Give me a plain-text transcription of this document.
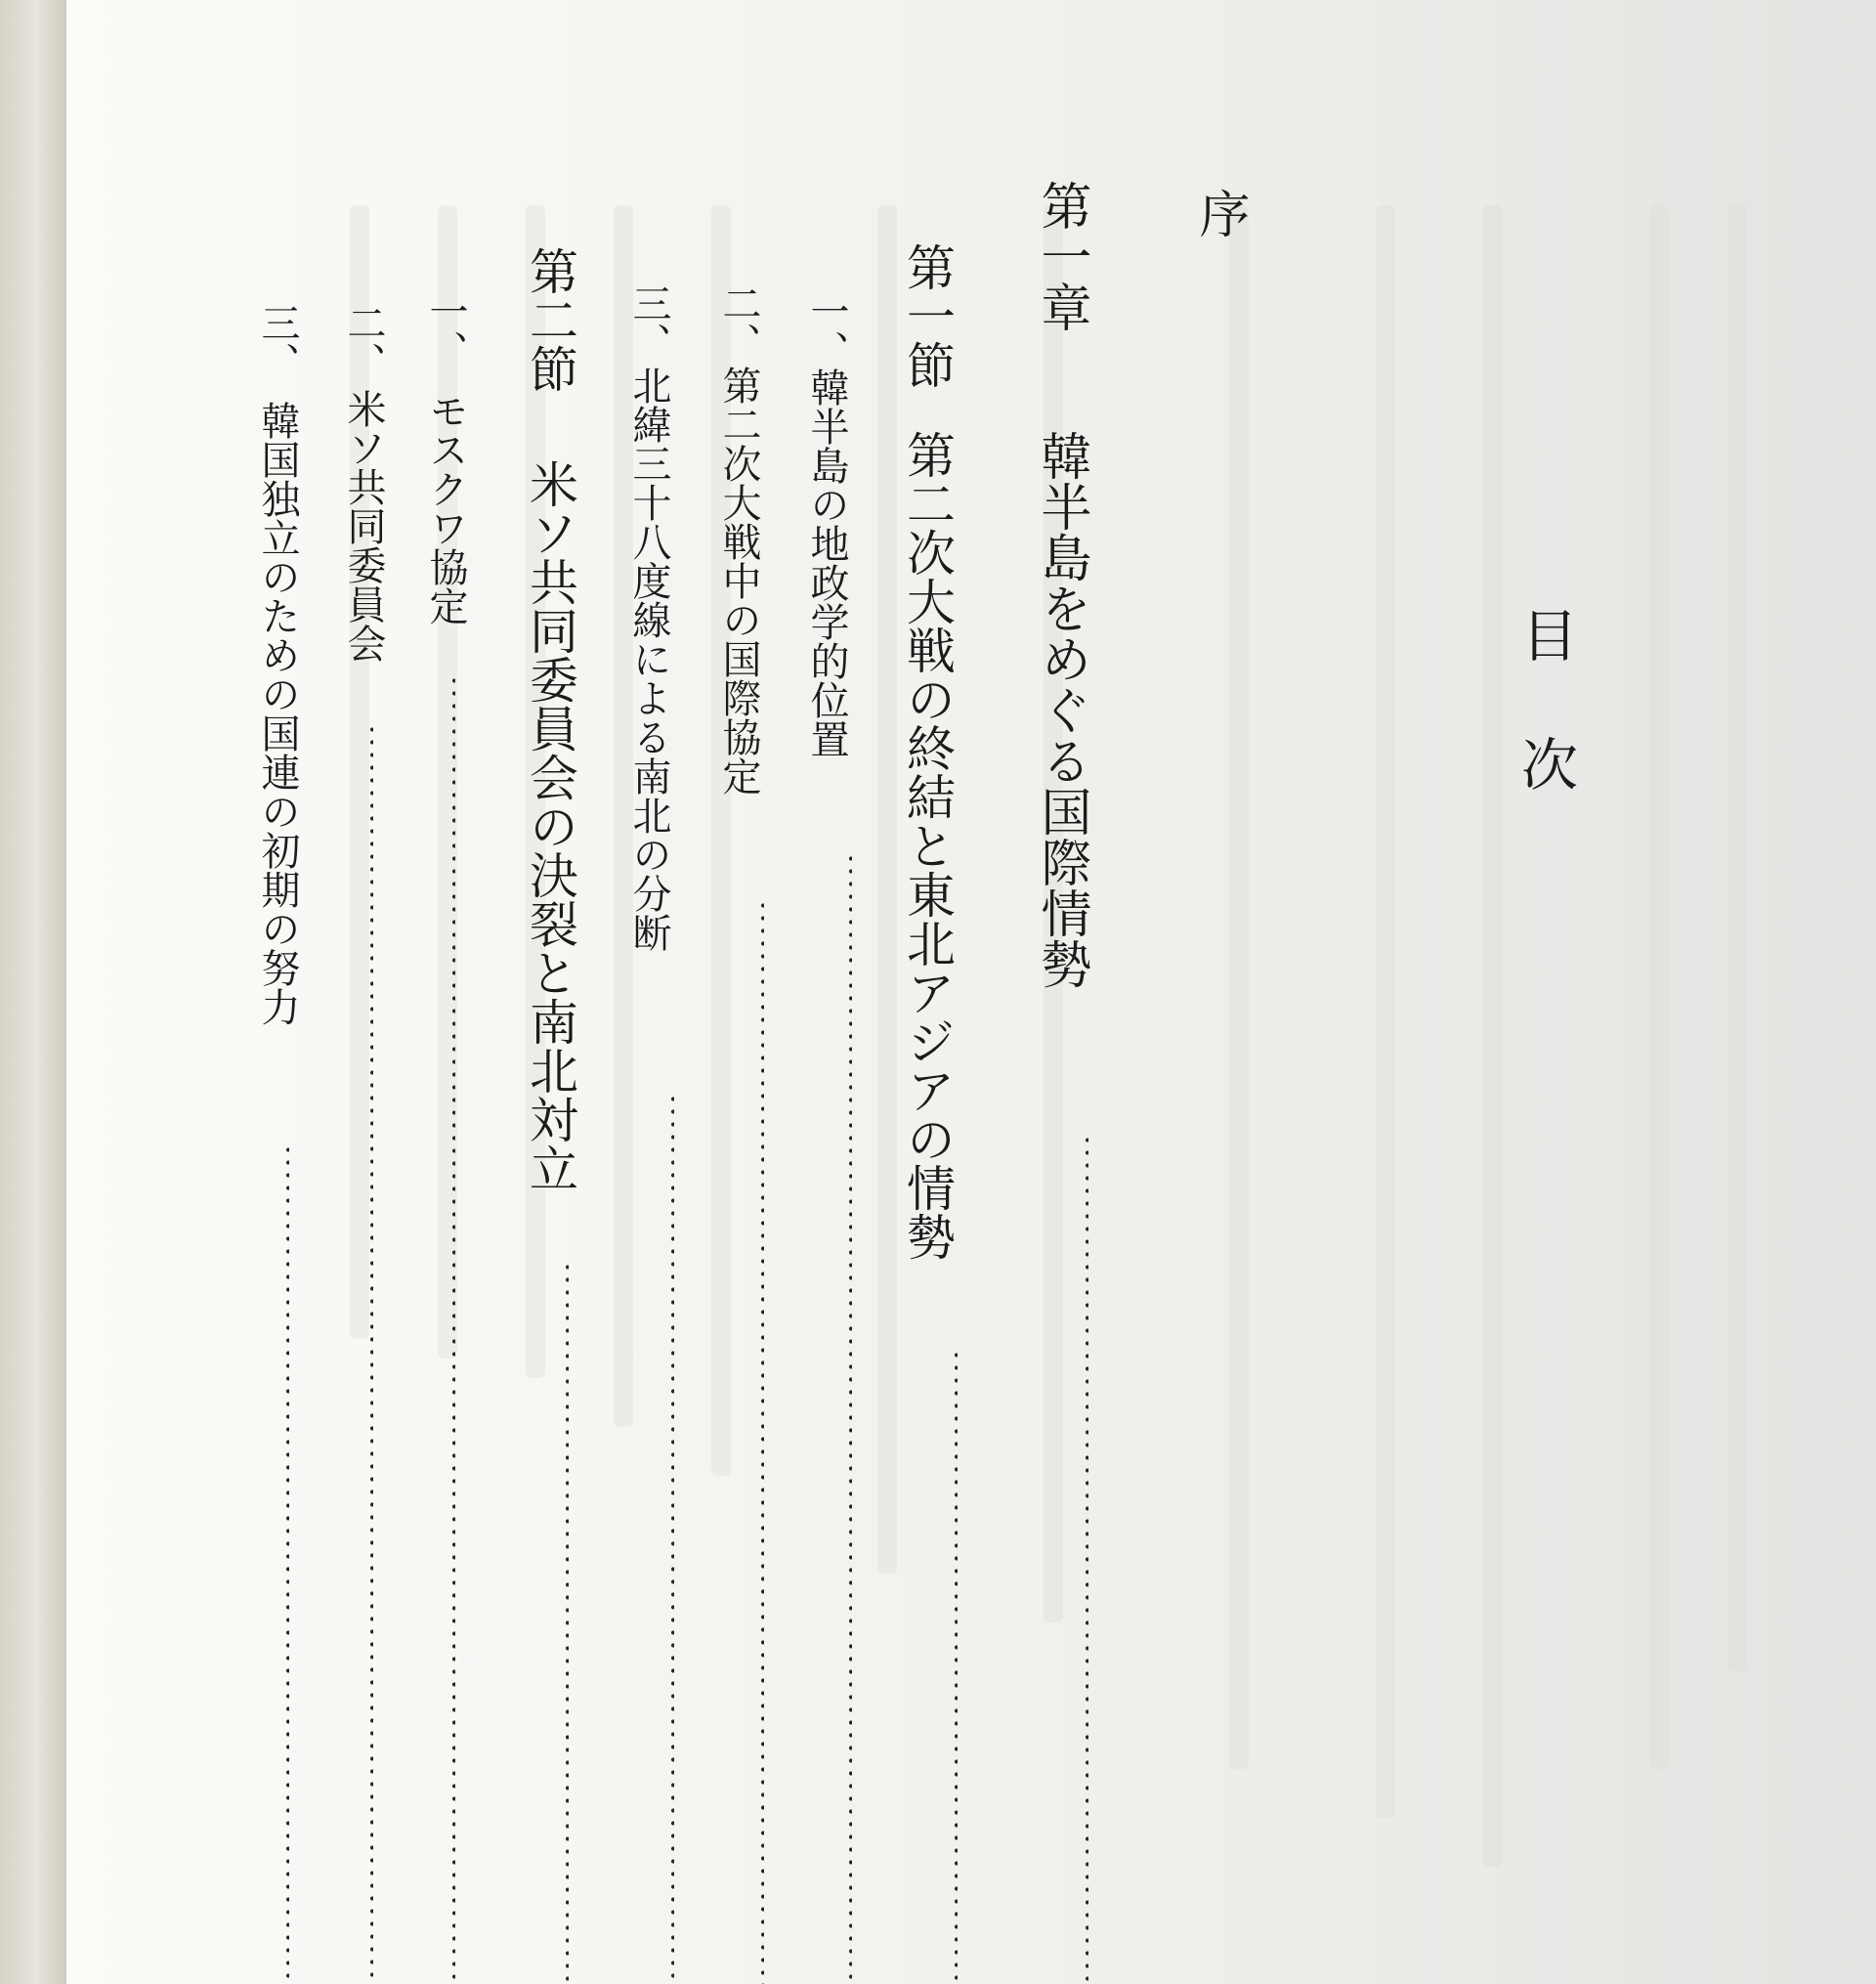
目次
序
第一章
韓半島をめぐる国際情勢
第一節
第二次大戦の終結と東北アジアの情勢
一、
韓半島の地政学的位置
二、
第二次大戦中の国際協定
三、
北緯三十八度線による南北の分断
第二節
米ソ共同委員会の決裂と南北対立
一、
モスクワ協定
二、
米ソ共同委員会
三、
韓国独立のための国連の初期の努力
